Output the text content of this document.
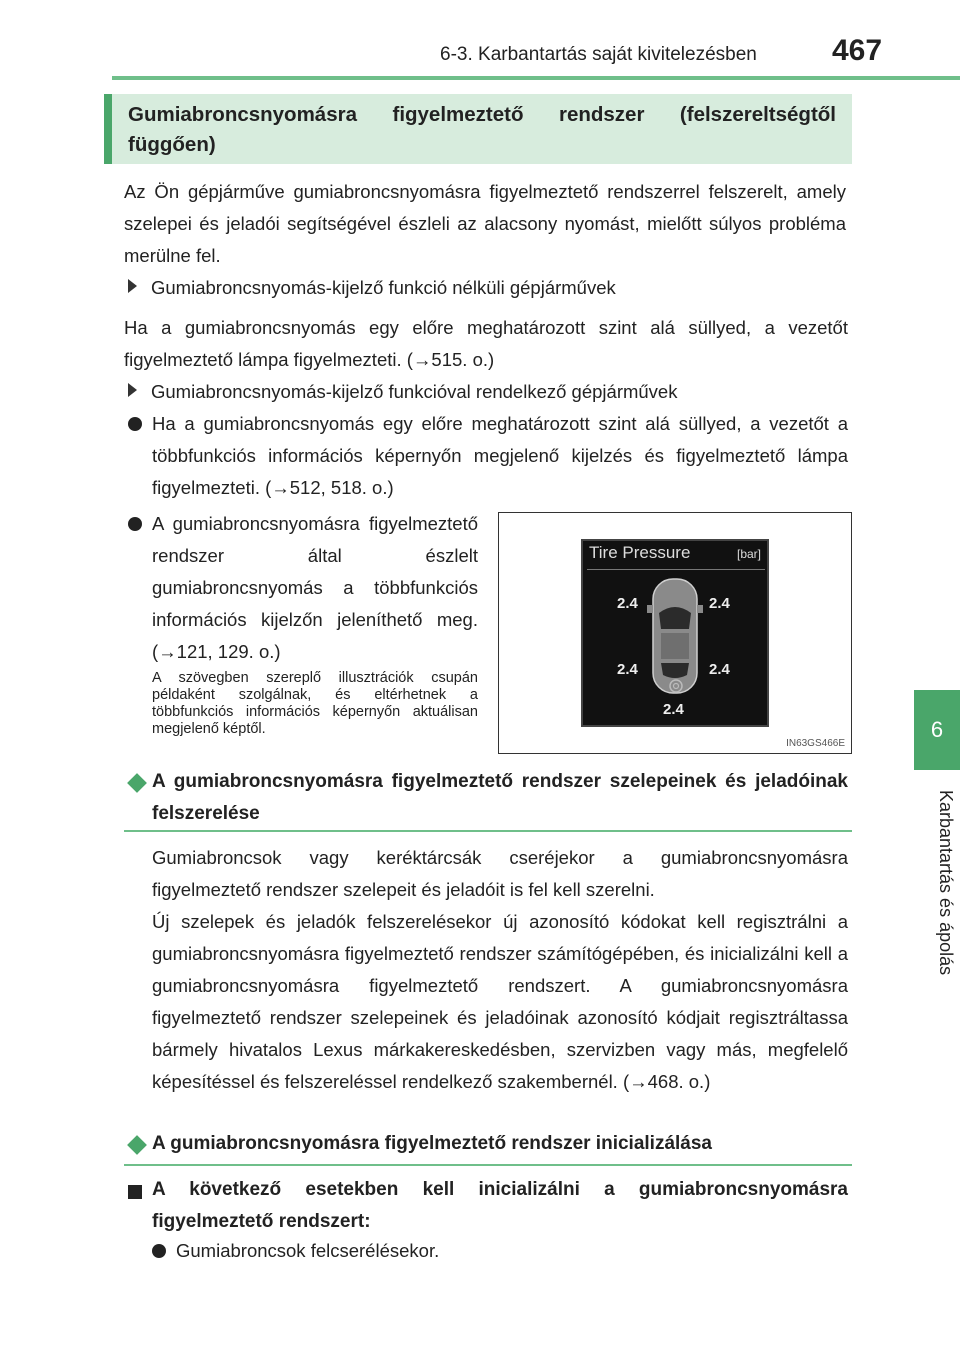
6-3. Karbantartás saját kivitelezésben	467
6
Karbantartás és ápolás
Gumiabroncsnyomásra figyelmeztető rendszer (felszereltségtől függően)
Az Ön gépjárműve gumiabroncsnyomásra figyelmeztető rendszerrel felszerelt, amely szelepei és jeladói segítségével észleli az alacsony nyomást, mielőtt súlyos probléma merülne fel.
Gumiabroncsnyomás-kijelző funkció nélküli gépjárművek
Ha a gumiabroncsnyomás egy előre meghatározott szint alá süllyed, a vezetőt figyelmeztető lámpa figyelmezteti. (→515. o.)
Gumiabroncsnyomás-kijelző funkcióval rendelkező gépjárművek
Ha a gumiabroncsnyomás egy előre meghatározott szint alá süllyed, a vezetőt a többfunkciós információs képernyőn megjelenő kijelzés és figyelmeztető lámpa figyelmezteti. (→512, 518. o.)
A gumiabroncsnyomásra figyelmeztető rendszer által észlelt gumiabroncsnyomás a többfunkciós információs kijelzőn jeleníthető meg. (→121, 129. o.)
A szövegben szereplő illusztrációk csupán példaként szolgálnak, és eltérhetnek a többfunkciós információs képernyőn aktuálisan megjelenő képtől.
Tire Pressure	[bar]
2.4	2.4
2.4	2.4
2.4
IN63GS466E
A gumiabroncsnyomásra figyelmeztető rendszer szelepeinek és jeladóinak felszerelése
Gumiabroncsok vagy keréktárcsák cseréjekor a gumiabroncsnyomásra figyelmeztető rendszer szelepeit és jeladóit is fel kell szerelni.
Új szelepek és jeladók felszerelésekor új azonosító kódokat kell regisztrálni a gumiabroncsnyomásra figyelmeztető rendszer számítógépében, és inicializálni kell a gumiabroncsnyomásra figyelmeztető rendszert. A gumiabroncsnyomásra figyelmeztető rendszer szelepeinek és jeladóinak azonosító kódjait regisztráltassa bármely hivatalos Lexus márkakereskedésben, szervizben vagy más, megfelelő képesítéssel és felszereléssel rendelkező szakembernél. (→468. o.)
A gumiabroncsnyomásra figyelmeztető rendszer inicializálása
A következő esetekben kell inicializálni a gumiabroncsnyomásra figyelmeztető rendszert:
Gumiabroncsok felcserélésekor.
